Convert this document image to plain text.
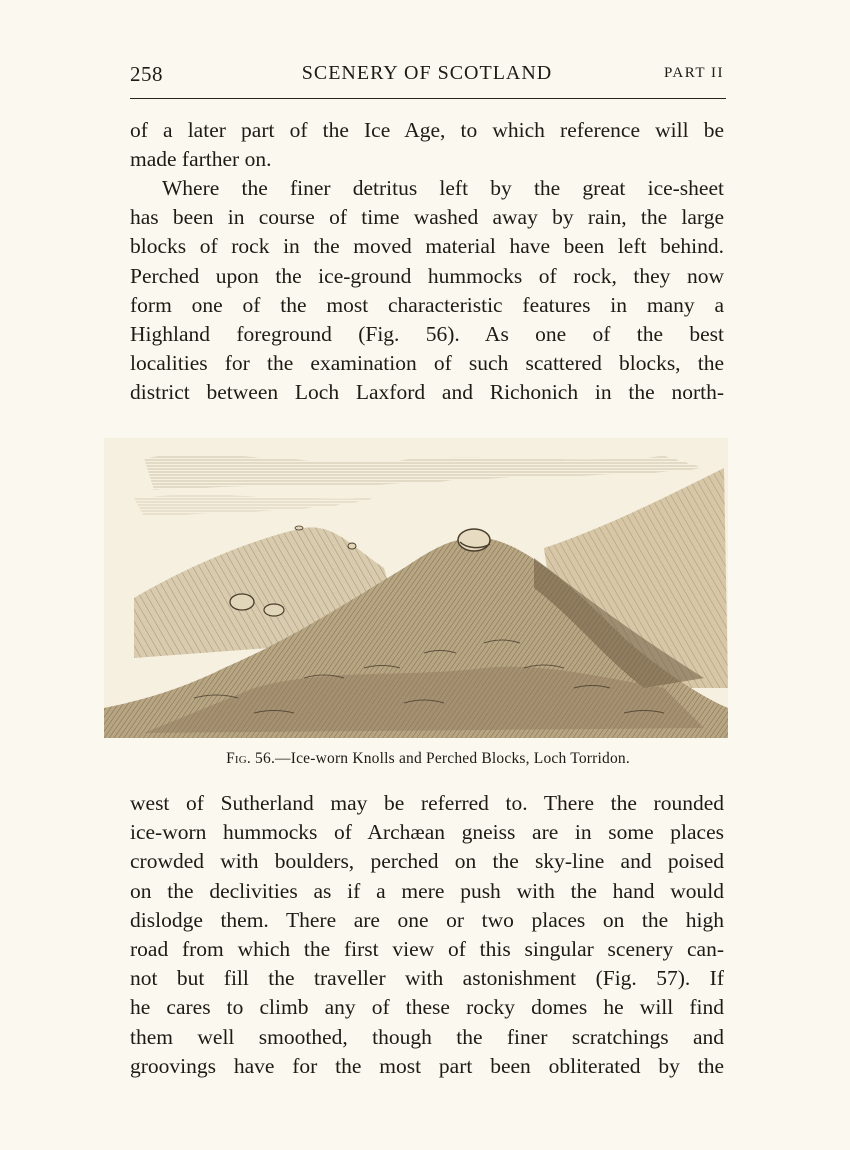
258	SCENERY OF SCOTLAND	PART II
of a later part of the Ice Age, to which reference will be
made farther on.
Where the finer detritus left by the great ice-sheet
has been in course of time washed away by rain, the large
blocks of rock in the moved material have been left behind.
Perched upon the ice-ground hummocks of rock, they now
form one of the most characteristic features in many a
Highland foreground (Fig. 56). As one of the best
localities for the examination of such scattered blocks, the
district between Loch Laxford and Richonich in the north-
Fig. 56.—Ice-worn Knolls and Perched Blocks, Loch Torridon.
west of Sutherland may be referred to. There the rounded
ice-worn hummocks of Archæan gneiss are in some places
crowded with boulders, perched on the sky-line and poised
on the declivities as if a mere push with the hand would
dislodge them. There are one or two places on the high
road from which the first view of this singular scenery can-
not but fill the traveller with astonishment (Fig. 57). If
he cares to climb any of these rocky domes he will find
them well smoothed, though the finer scratchings and
groovings have for the most part been obliterated by the
